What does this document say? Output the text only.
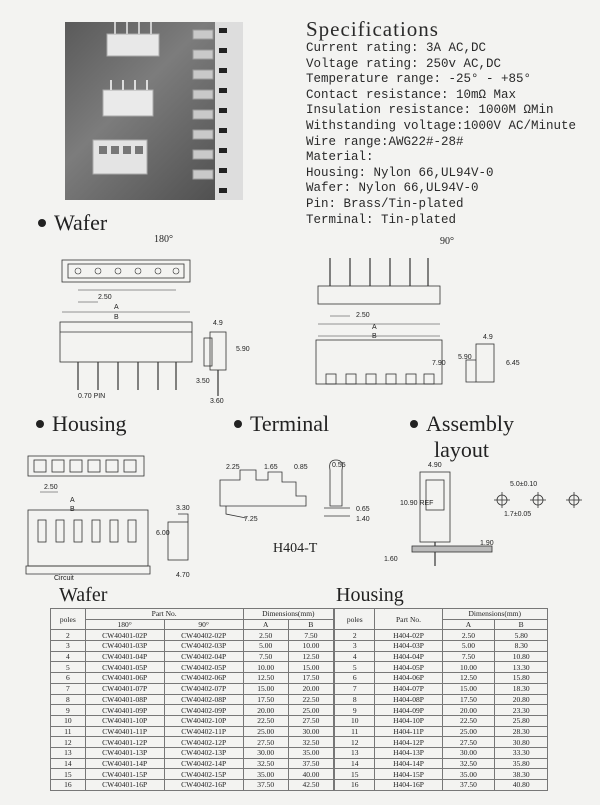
Specifications
Current rating: 3A AC,DC
Voltage rating: 250v AC,DC
Temperature range: -25° - +85°
Contact resistance: 10mΩ Max
Insulation resistance: 1000M ΩMin
Withstanding voltage:1000V AC/Minute
Wire range:AWG22#-28#
Material:
Housing: Nylon 66,UL94V-0
Wafer: Nylon 66,UL94V-0
Pin: Brass/Tin-plated
Terminal: Tin-plated
Wafer
180°	90°
2.50
A
B
0.70 PIN
4.9
5.90
3.50
3.60
2.50
A
B
7.90
4.9
5.90
6.45
Housing	Terminal	Assembly
layout
2.50
A
B	3.30
6.00
4.70
Circuit
2.25	1.65 0.85
7.25
0.55
0.65
1.40
H404-T
4.90
10.90 REF
1.90
1.60
5.0±0.10
1.7±0.05
Wafer	Housing
poles	Part No.		Dimensions(mm)	
	180°	90°	A	B
2	CW40401-02P	CW40402-02P	2.50	7.50
3	CW40401-03P	CW40402-03P	5.00	10.00
4	CW40401-04P	CW40402-04P	7.50	12.50
5	CW40401-05P	CW40402-05P	10.00	15.00
6	CW40401-06P	CW40402-06P	12.50	17.50
7	CW40401-07P	CW40402-07P	15.00	20.00
8	CW40401-08P	CW40402-08P	17.50	22.50
9	CW40401-09P	CW40402-09P	20.00	25.00
10	CW40401-10P	CW40402-10P	22.50	27.50
11	CW40401-11P	CW40402-11P	25.00	30.00
12	CW40401-12P	CW40402-12P	27.50	32.50
13	CW40401-13P	CW40402-13P	30.00	35.00
14	CW40401-14P	CW40402-14P	32.50	37.50
15	CW40401-15P	CW40402-15P	35.00	40.00
16	CW40401-16P	CW40402-16P	37.50	42.50
poles	Part No.	Dimensions(mm)	
		A	B
2	H404-02P	2.50	5.80
3	H404-03P	5.00	8.30
4	H404-04P	7.50	10.80
5	H404-05P	10.00	13.30
6	H404-06P	12.50	15.80
7	H404-07P	15.00	18.30
8	H404-08P	17.50	20.80
9	H404-09P	20.00	23.30
10	H404-10P	22.50	25.80
11	H404-11P	25.00	28.30
12	H404-12P	27.50	30.80
13	H404-13P	30.00	33.30
14	H404-14P	32.50	35.80
15	H404-15P	35.00	38.30
16	H404-16P	37.50	40.80
